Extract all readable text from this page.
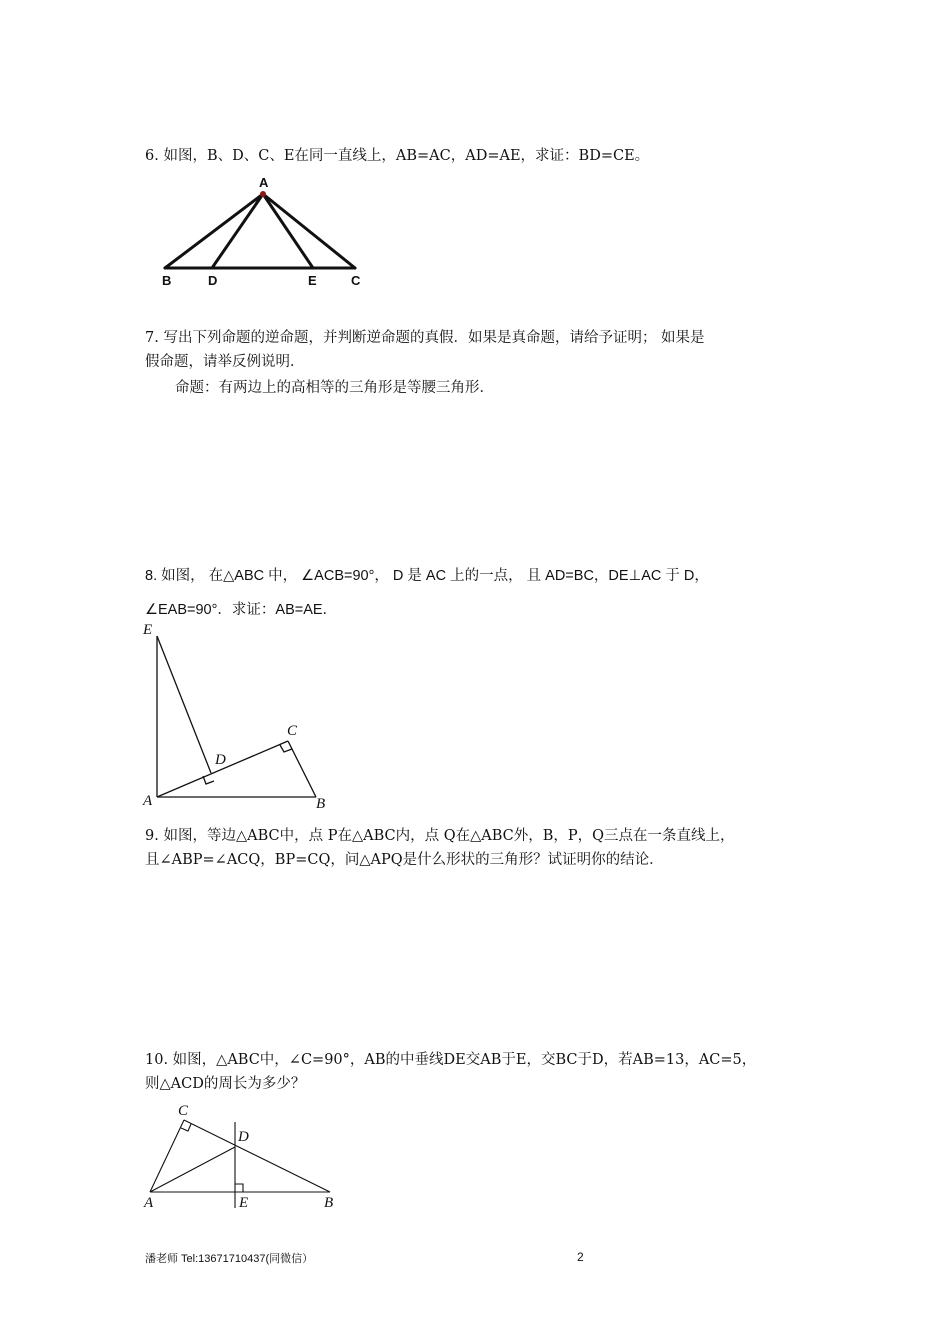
6. 如图，B、D、C、E在同一直线上，AB=AC，AD=AE，求证：BD=CE。
A
B	D	E	C
7. 写出下列命题的逆命题，并判断逆命题的真假．如果是真命题，请给予证明； 如果是
假命题，请举反例说明．
命题：有两边上的高相等的三角形是等腰三角形．
8. 如图， 在△ABC 中， ∠ACB=90°， D 是 AC 上的一点， 且 AD=BC，DE⊥AC 于 D，
∠EAB=90°．求证：AB=AE．
E
C
D
A	B
9. 如图，等边△ABC中，点 P在△ABC内，点 Q在△ABC外，B，P，Q三点在一条直线上，
且∠ABP=∠ACQ，BP=CQ，问△APQ是什么形状的三角形？试证明你的结论．
10. 如图，△ABC中，∠C=90°，AB的中垂线DE交AB于E，交BC于D，若AB=13，AC=5，
则△ACD的周长为多少？
C
D
A	E	B
潘老师 Tel:13671710437(同微信）	2
